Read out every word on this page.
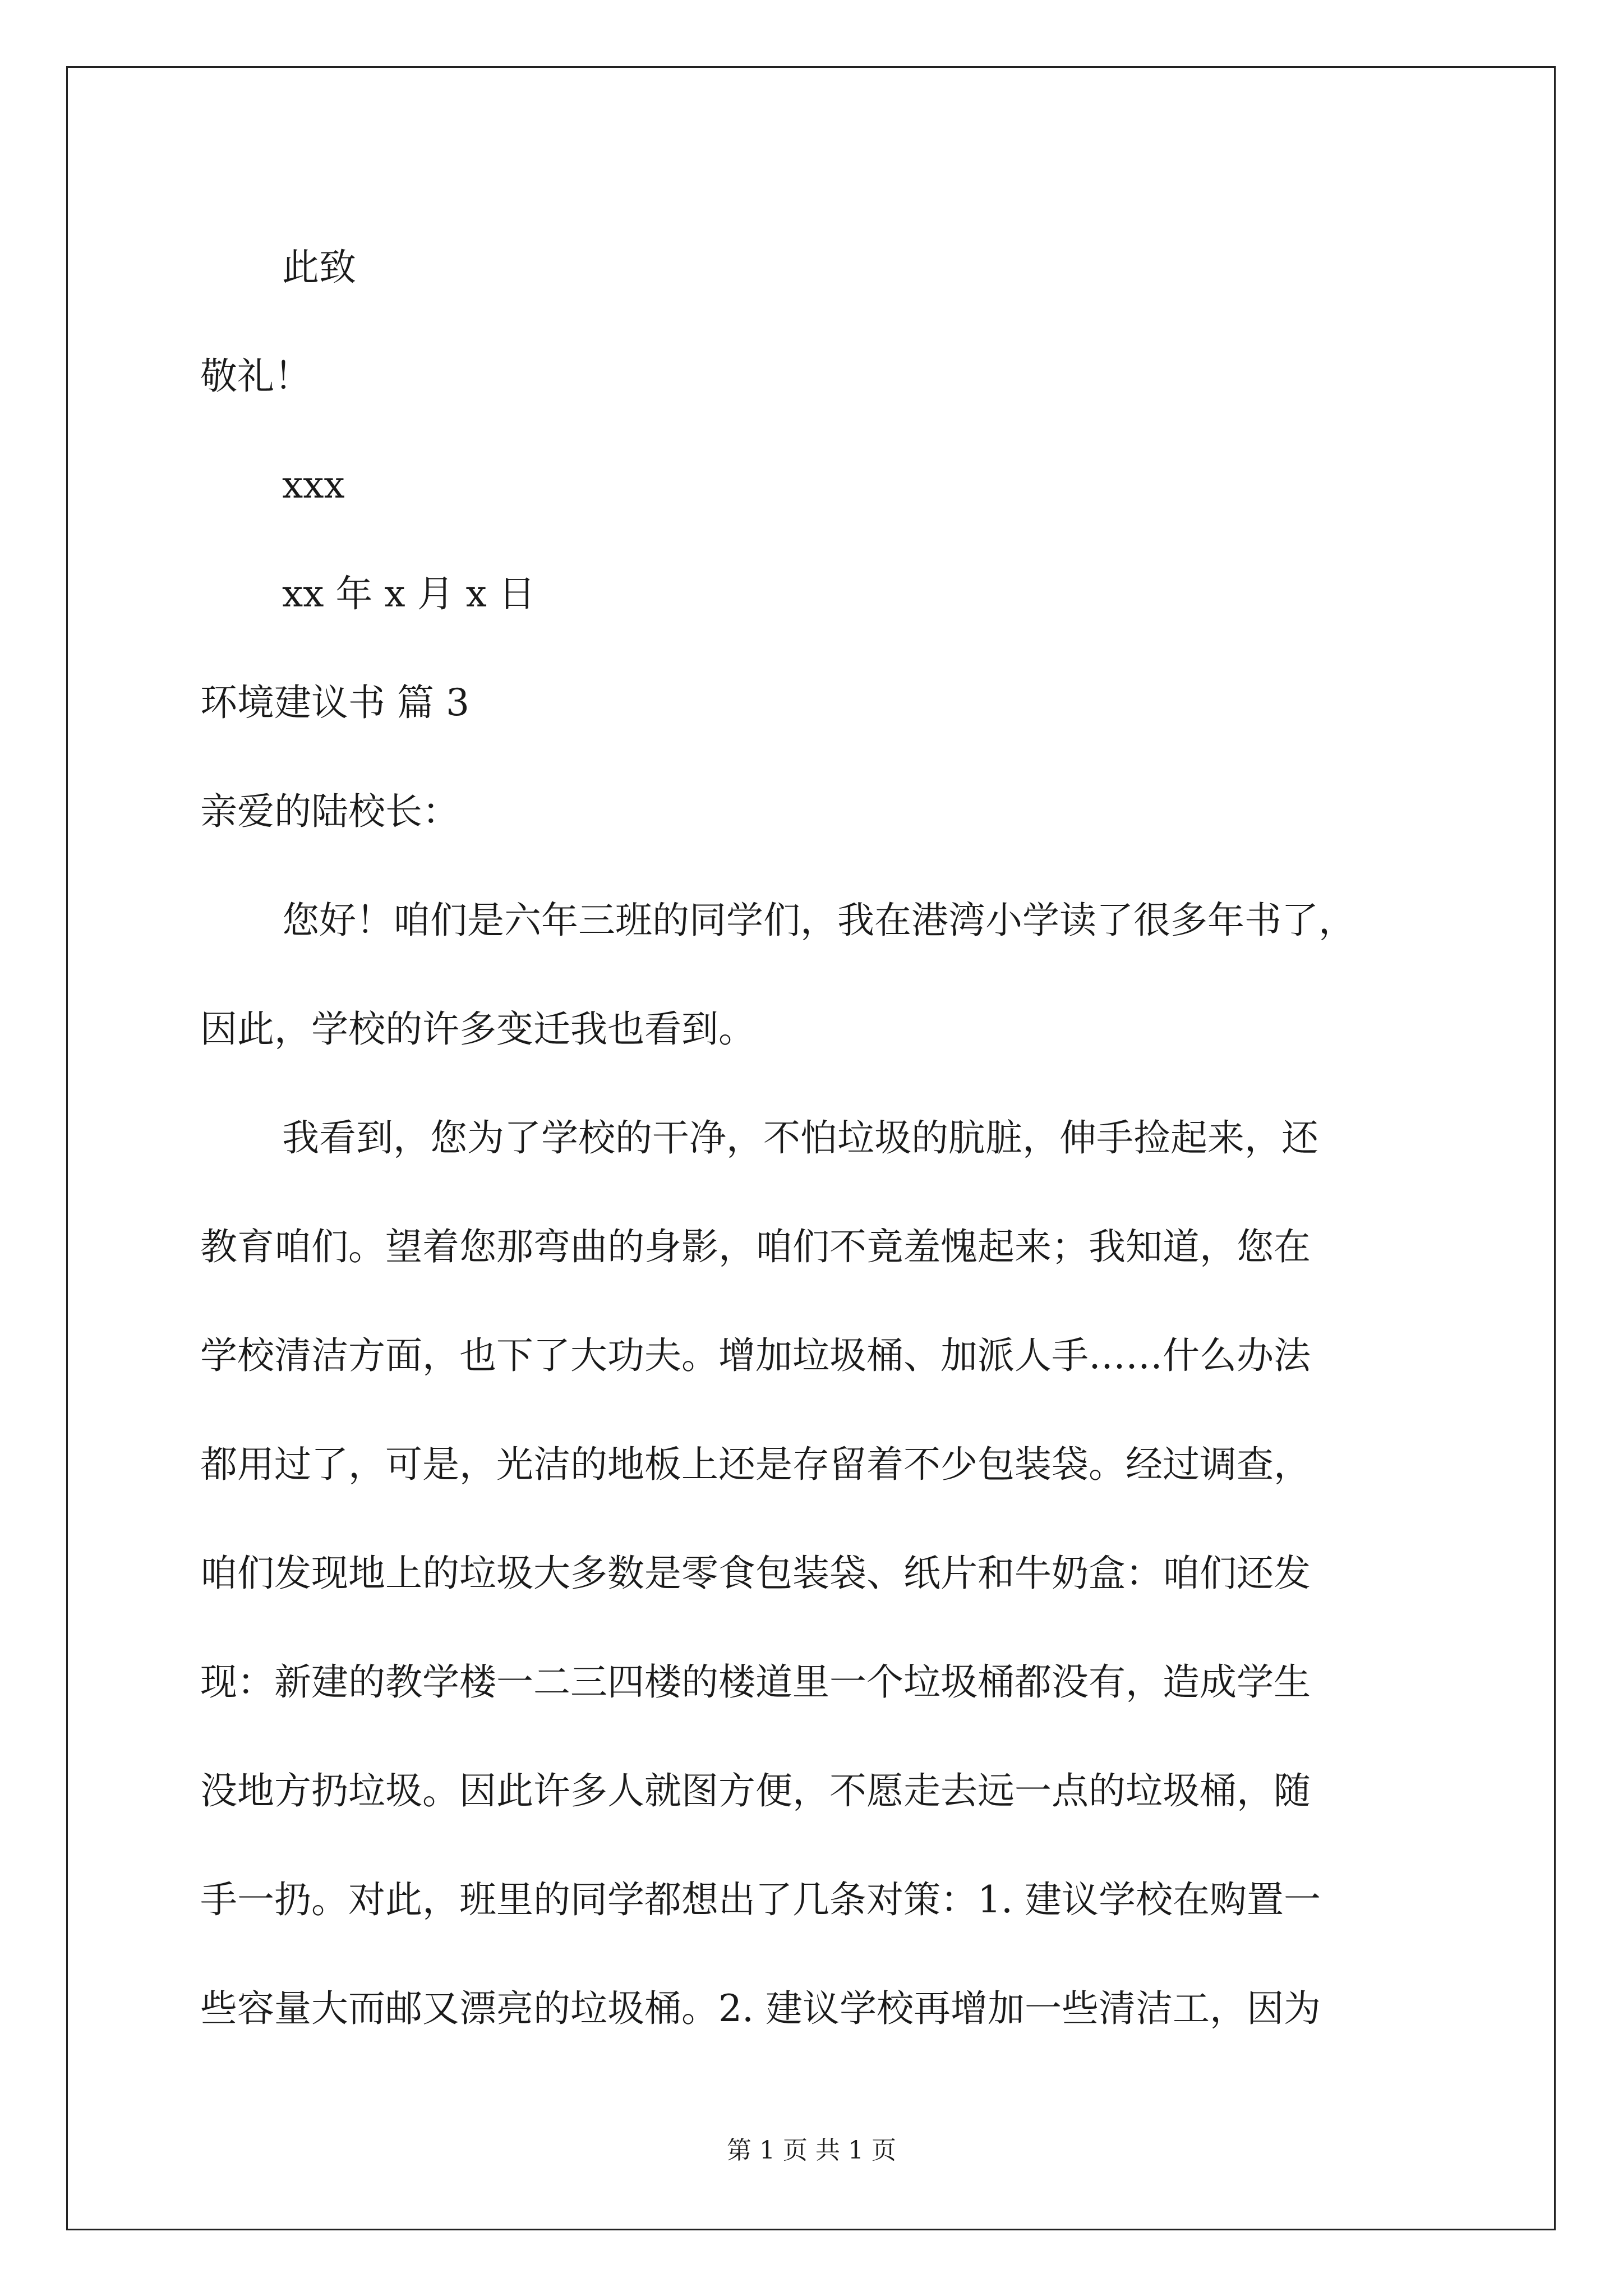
此致
敬礼！
xxx
xx 年 x 月 x 日
环境建议书 篇 3
亲爱的陆校长：
您好！咱们是六年三班的同学们，我在港湾小学读了很多年书了，
因此，学校的许多变迁我也看到。
我看到，您为了学校的干净，不怕垃圾的肮脏，伸手捡起来，还
教育咱们。望着您那弯曲的身影，咱们不竟羞愧起来；我知道，您在
学校清洁方面，也下了大功夫。增加垃圾桶、加派人手……什么办法
都用过了，可是，光洁的地板上还是存留着不少包装袋。经过调查，
咱们发现地上的垃圾大多数是零食包装袋、纸片和牛奶盒：咱们还发
现：新建的教学楼一二三四楼的楼道里一个垃圾桶都没有，造成学生
没地方扔垃圾。因此许多人就图方便，不愿走去远一点的垃圾桶，随
手一扔。对此，班里的同学都想出了几条对策：1. 建议学校在购置一
些容量大而邮又漂亮的垃圾桶。2. 建议学校再增加一些清洁工，因为
第 1 页 共 1 页
